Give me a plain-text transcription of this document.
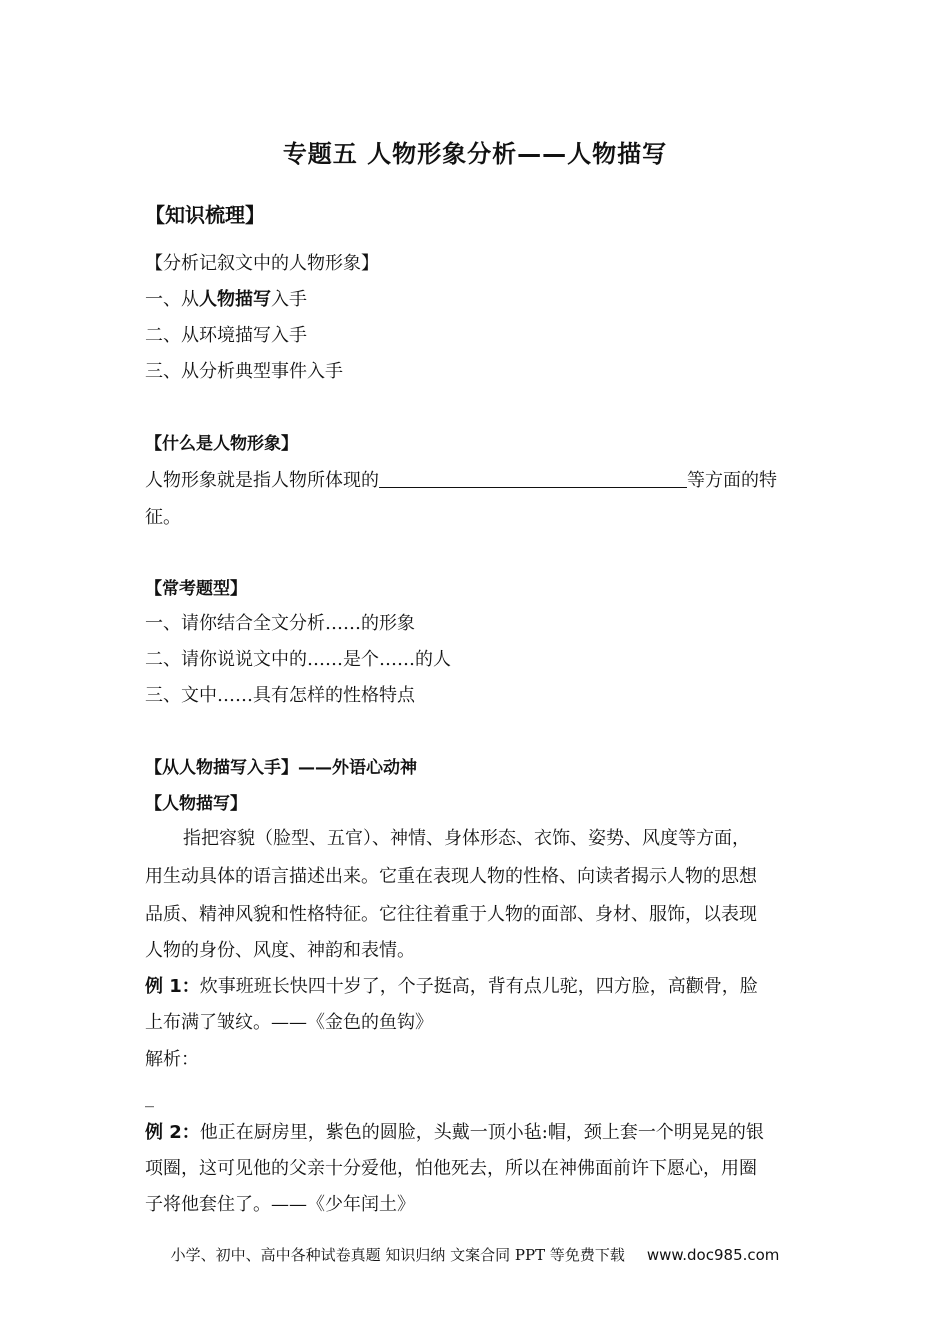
专题五 人物形象分析——人物描写
【知识梳理】
【分析记叙文中的人物形象】
一、从人物描写入手
二、从环境描写入手
三、从分析典型事件入手
【什么是人物形象】
人物形象就是指人物所体现的	等方面的特
征。
【常考题型】
一、请你结合全文分析……的形象
二、请你说说文中的……是个……的人
三、文中……具有怎样的性格特点
【从人物描写入手】——外语心动神
【人物描写】
指把容貌（脸型、五官）、神情、身体形态、衣饰、姿势、风度等方面，
用生动具体的语言描述出来。它重在表现人物的性格、向读者揭示人物的思想
品质、精神风貌和性格特征。它往往着重于人物的面部、身材、服饰，以表现
人物的身份、风度、神韵和表情。
例 1：炊事班班长快四十岁了，个子挺高，背有点儿驼，四方脸，高颧骨，脸
上布满了皱纹。——《金色的鱼钩》
解析：
_
例 2：他正在厨房里，紫色的圆脸，头戴一顶小毡:帽，颈上套一个明晃晃的银
项圈，这可见他的父亲十分爱他，怕他死去，所以在神佛面前许下愿心，用圈
子将他套住了。——《少年闰土》
小学、初中、高中各种试卷真题 知识归纳 文案合同 PPT 等免费下载 www.doc985.com
